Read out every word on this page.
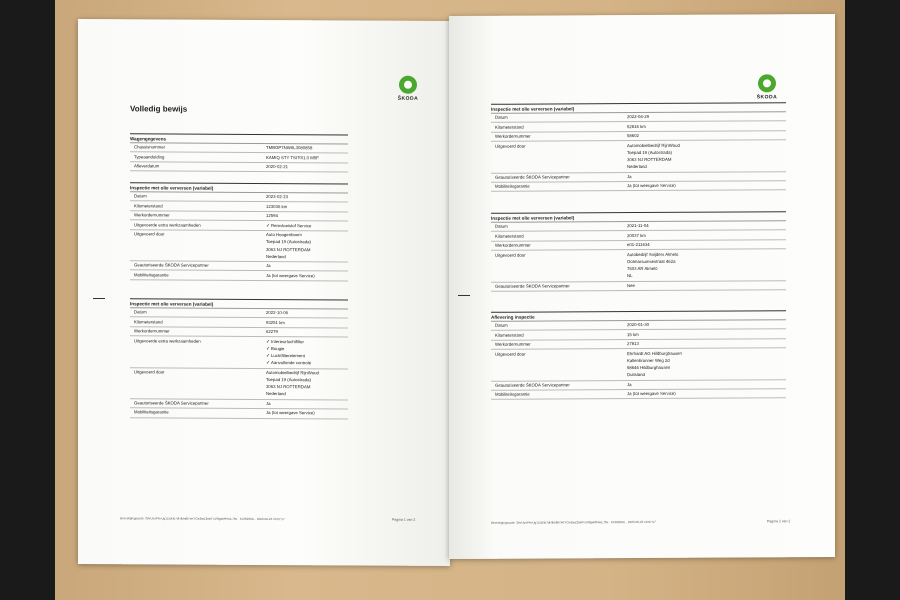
ŠKODA
Volledig bewijs
Wagengegevens
Chassisnummer	TMBGP7NW6L3080858
Typeaanduiding	KAMIQ STY TSI70/1.0 M5F
Afleverdatum	2020-02-21
Inspectie met olie verversen (variabel)
Datum	2023-02-23
Kilometerstand	123036 km
Werkordernummer	12594
Uitgevoerde extra werkzaamheden	✓Remvloeistof Service
Uitgevoerd door	Auto Hoogenboom
Toepad 19 (Autostrada)
3063 NJ ROTTERDAM
Nederland
Geautoriseerde ŠKODA Servicepartner	Ja
Mobiliteitsgarantie	Ja (tot weergave Service)
Inspectie met olie verversen (variabel)
Datum	2022-10-06
Kilometerstand	93251 km
Werkordernummer	62279
Uitgevoerde extra werkzaamheden	✓Interieurluchtfilter
✓Bougie
✓Luchtfilterelement
✓Aanvullende controle
Uitgevoerd door	Automobielbedrijf RijnWoud
Toepad 19 (Autostrada)
3063 NJ ROTTERDAM
Nederland
Geautoriseerde ŠKODA Servicepartner	Ja
Mobiliteitsgarantie	Ja (tot weergave Service)
Bevestigingscode: 3bVUosPfn-Ug1L5jKlo7dHIkht8t7eKYCwBwZBnKFxJ9fgwMfrHxL7fm · Kl.0829UE · 2023-02-23 13:07:57	Pagina 1 van 2
ŠKODA
Inspectie met olie verversen (variabel)
Datum	2022-04-29
Kilometerstand	52816 km
Werkordernummer	58602
Uitgevoerd door	Automobielbedrijf RijnWoud
Toepad 19 (Autostrada)
3063 NJ ROTTERDAM
Nederland
Geautoriseerde ŠKODA Servicepartner	Ja
Mobiliteitsgarantie	Ja (tot weergave Service)
Inspectie met olie verversen (variabel)
Datum	2021-11-04
Kilometerstand	20037 km
Werkordernummer	e01-211634
Uitgevoerd door	Autobedrijf Snijders Almelo
Ootmarsumsestraat 462a
7603 AR Almelo
NL
Geautoriseerde ŠKODA Servicepartner	Nee
Aflevering inspectie
Datum	2020-01-30
Kilometerstand	15 km
Werkordernummer	27813
Uitgevoerd door	Ehrhardt AG Hildburghausen
Kallenbronner Weg 2d
98646 Hildburghausen
Duitsland
Geautoriseerde ŠKODA Servicepartner	Ja
Mobiliteitsgarantie	Ja (tot weergave Service)
Bevestigingscode: 3bVUosPfn-Ug1L5jKlo7dHIkht8t7eKYCwBwZBnKFxJ9fgwMfrHxL7fm · Kl.0829UE · 2023-02-23 13:07:57	Pagina 2 van 2
